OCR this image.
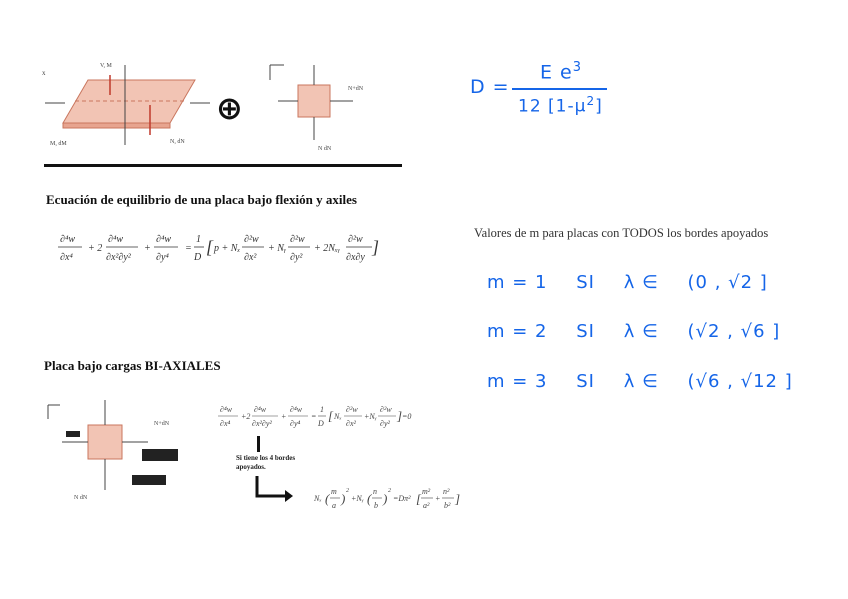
x
V, M
N, dN
M, dM
⊕	N+dN
N dN
D =
E $e^3$
12 $[1-\mu^2]$
Ecuación de equilibrio de una placa bajo flexión y axiles
∂⁴w
∂x⁴
+ 2
∂⁴w
∂x²∂y²
+
∂⁴w
∂y⁴
=
1
D
[ p + Nₓ
∂²w
∂x²
+ Nᵧ
∂²w
∂y²
+ 2Nₓᵧ
∂²w
∂x∂y
]
Valores de m para placas con TODOS los bordes apoyados
m = 1 SI λ ∈ (0 , √2 ]
m = 2 SI λ ∈ (√2 , √6 ]
m = 3 SI λ ∈ (√6 , √12 ]
Placa bajo cargas BI-AXIALES
N+dN
N dN
∂⁴w
∂x⁴
+2
∂⁴w
∂x²∂y²
+
∂⁴w
∂y⁴
=
1
D
[ Nₓ
∂²w
∂x²
+Nᵧ
∂²w
∂y²
] =0
Si tiene los 4 bordes apoyados.
Nₓ ( m
a ) 2
+Nᵧ ( n
b ) 2
=Dπ² [ m²
a²
+
n²
b² ]
